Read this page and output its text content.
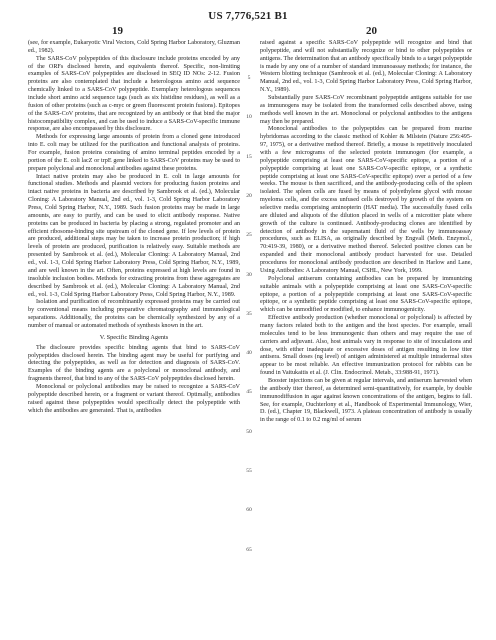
US 7,776,521 B1
19	20

(see, for example, Eukaryotic Viral Vectors, Cold Spring Harbor Laboratory, Gluzman ed., 1982).

The SARS-CoV polypeptides of this disclosure include proteins encoded by any of the ORFs disclosed herein, and equivalents thereof. Specific, non-limiting examples of SARS-CoV polypeptides are disclosed in SEQ ID NOs: 2-12. Fusion proteins are also contemplated that include a heterologous amino acid sequence chemically linked to a SARS-CoV polypeptide. Exemplary heterologous sequences include short amino acid sequence tags (such as six histidine residues), as well as a fusion of other proteins (such as c-myc or green fluorescent protein fusions). Epitopes of the SARS-CoV proteins, that are recognized by an antibody or that bind the major histocompatibility complex, and can be used to induce a SARS-CoV-specific immune response, are also encompassed by this disclosure.

Methods for expressing large amounts of protein from a cloned gene introduced into E. coli may be utilized for the purification and functional analysis of proteins. For example, fusion proteins consisting of amino terminal peptides encoded by a portion of the E. coli lacZ or trpE gene linked to SARS-CoV proteins may be used to prepare polyclonal and monoclonal antibodies against these proteins.

Intact native protein may also be produced in E. coli in large amounts for functional studies. Methods and plasmid vectors for producing fusion proteins and intact native proteins in bacteria are described by Sambrook et al. (ed.), Molecular Cloning: A Laboratory Manual, 2nd ed., vol. 1-3, Cold Spring Harbor Laboratory Press, Cold Spring Harbor, N.Y., 1989. Such fusion proteins may be made in large amounts, are easy to purify, and can be used to elicit antibody response. Native proteins can be produced in bacteria by placing a strong, regulated promoter and an efficient ribosome-binding site upstream of the cloned gene. If low levels of protein are produced, additional steps may be taken to increase protein production; if high levels of protein are produced, purification is relatively easy. Suitable methods are presented by Sambrook et al. (ed.), Molecular Cloning: A Laboratory Manual, 2nd ed., vol. 1-3, Cold Spring Harbor Laboratory Press, Cold Spring Harbor, N.Y., 1989, and are well known in the art. Often, proteins expressed at high levels are found in insoluble inclusion bodies. Methods for extracting proteins from these aggregates are described by Sambrook et al. (ed.), Molecular Cloning: A Laboratory Manual, 2nd ed., vol. 1-3, Cold Spring Harbor Laboratory Press, Cold Spring Harbor, N.Y., 1989.

Isolation and purification of recombinantly expressed proteins may be carried out by conventional means including preparative chromatography and immunological separations. Additionally, the proteins can be chemically synthesized by any of a number of manual or automated methods of synthesis known in the art.

V. Specific Binding Agents

The disclosure provides specific binding agents that bind to SARS-CoV polypeptides disclosed herein. The binding agent may be useful for purifying and detecting the polypeptides, as well as for detection and diagnosis of SARS-CoV. Examples of the binding agents are a polyclonal or monoclonal antibody, and fragments thereof, that bind to any of the SARS-CoV polypeptides disclosed herein.

Monoclonal or polyclonal antibodies may be raised to recognize a SARS-CoV polypeptide described herein, or a fragment or variant thereof. Optimally, antibodies raised against these polypeptides would specifically detect the polypeptide with which the antibodies are generated. That is, antibodies

raised against a specific SARS-CoV polypeptide will recognize and bind that polypeptide, and will not substantially recognize or bind to other polypeptides or antigens. The determination that an antibody specifically binds to a target polypeptide is made by any one of a number of standard immunoassay methods; for instance, the Western blotting technique (Sambrook et al. (ed.), Molecular Cloning: A Laboratory Manual, 2nd ed., vol. 1-3, Cold Spring Harbor Laboratory Press, Cold Spring Harbor, N.Y., 1989).

Substantially pure SARS-CoV recombinant polypeptide antigens suitable for use as immunogens may be isolated from the transformed cells described above, using methods well known in the art. Monoclonal or polyclonal antibodies to the antigens may then be prepared.

Monoclonal antibodies to the polypeptides can be prepared from murine hybridomas according to the classic method of Kohler & Milstein (Nature 256:495-97, 1975), or a derivative method thereof. Briefly, a mouse is repetitively inoculated with a few micrograms of the selected protein immunogen (for example, a polypeptide comprising at least one SARS-CoV-specific epitope, a portion of a polypeptide comprising at least one SARS-CoV-specific epitope, or a synthetic peptide comprising at least one SARS-CoV-specific epitope) over a period of a few weeks. The mouse is then sacrificed, and the antibody-producing cells of the spleen isolated. The spleen cells are fused by means of polyethylene glycol with mouse myeloma cells, and the excess unfused cells destroyed by growth of the system on selective media comprising aminopterin (HAT media). The successfully fused cells are diluted and aliquots of the dilution placed in wells of a microtiter plate where growth of the culture is continued. Antibody-producing clones are identified by detection of antibody in the supernatant fluid of the wells by immunoassay procedures, such as ELISA, as originally described by Engvall (Meth. Enzymol., 70:419-39, 1980), or a derivative method thereof. Selected positive clones can be expanded and their monoclonal antibody product harvested for use. Detailed procedures for monoclonal antibody production are described in Harlow and Lane, Using Antibodies: A Laboratory Manual, CSHL, New York, 1999.

Polyclonal antiserum containing antibodies can be prepared by immunizing suitable animals with a polypeptide comprising at least one SARS-CoV-specific epitope, a portion of a polypeptide comprising at least one SARS-CoV-specific epitope, or a synthetic peptide comprising at least one SARS-CoV-specific epitope, which can be unmodified or modified, to enhance immunogenicity.

Effective antibody production (whether monoclonal or polyclonal) is affected by many factors related both to the antigen and the host species. For example, small molecules tend to be less immunogenic than others and may require the use of carriers and adjuvant. Also, host animals vary in response to site of inoculations and dose, with either inadequate or excessive doses of antigen resulting in low titer antisera. Small doses (ng level) of antigen administered at multiple intradermal sites appear to be most reliable. An effective immunization protocol for rabbits can be found in Vaitukaitis et al. (J. Clin. Endocrinol. Metab., 33:988-91, 1971).

Booster injections can be given at regular intervals, and antiserum harvested when the antibody titer thereof, as determined semi-quantitatively, for example, by double immunodiffusion in agar against known concentrations of the antigen, begins to fall. See, for example, Ouchterlony et al., Handbook of Experimental Immunology, Wier, D. (ed.), Chapter 19, Blackwell, 1973. A plateau concentration of antibody is usually in the range of 0.1 to 0.2 mg/ml of serum

5
10
15
20
25
30
35
40
45
50
55
60
65
